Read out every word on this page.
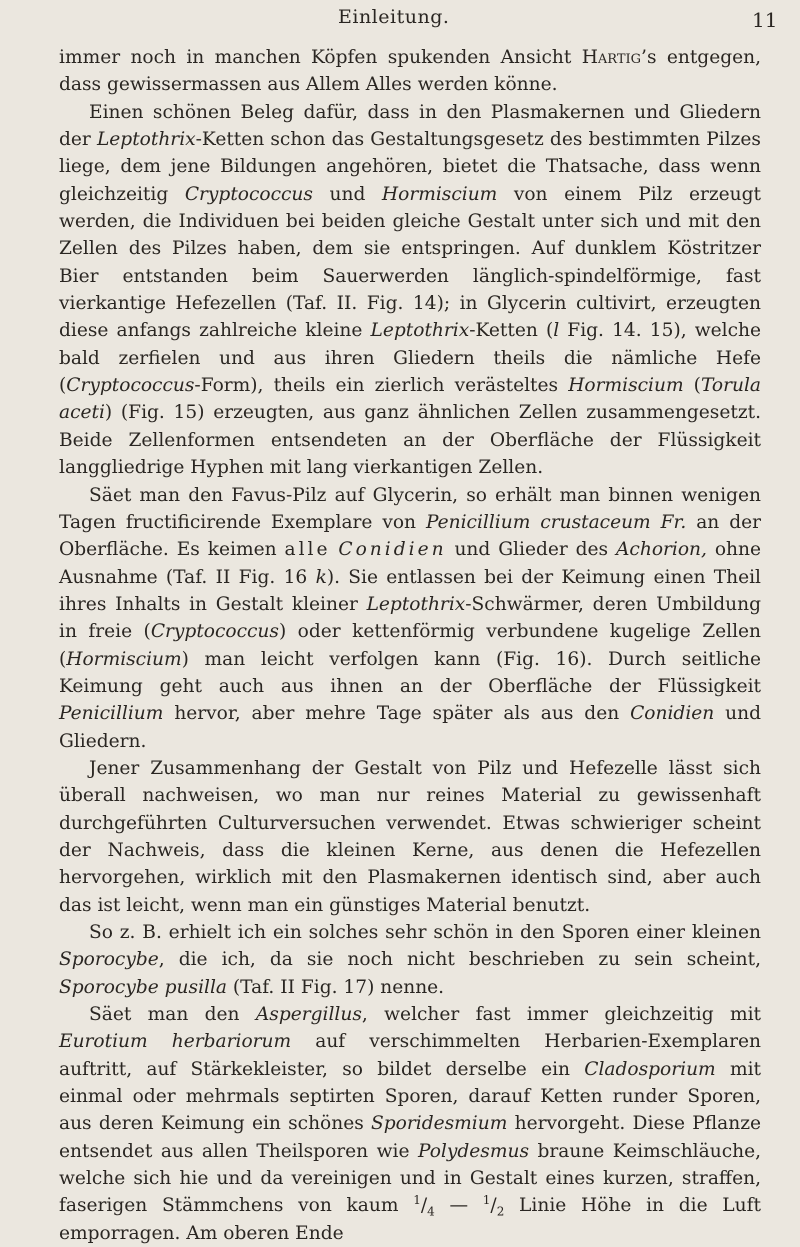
Einleitung.	11

immer noch in manchen Köpfen spukenden Ansicht Hartig’s entgegen, dass gewissermassen aus Allem Alles werden könne.

Einen schönen Beleg dafür, dass in den Plasmakernen und Gliedern der Leptothrix-Ketten schon das Gestaltungsgesetz des bestimmten Pilzes liege, dem jene Bildungen angehören, bietet die Thatsache, dass wenn gleichzeitig Cryptococcus und Hormiscium von einem Pilz erzeugt werden, die Individuen bei beiden gleiche Gestalt unter sich und mit den Zellen des Pilzes haben, dem sie entspringen. Auf dunklem Köstritzer Bier entstanden beim Sauerwerden länglich-spindelförmige, fast vierkantige Hefezellen (Taf. II. Fig. 14); in Glycerin cultivirt, erzeugten diese anfangs zahlreiche kleine Leptothrix-Ketten (l Fig. 14. 15), welche bald zerfielen und aus ihren Gliedern theils die nämliche Hefe (Cryptococcus-Form), theils ein zierlich verästeltes Hormiscium (Torula aceti) (Fig. 15) erzeugten, aus ganz ähnlichen Zellen zusammengesetzt. Beide Zellenformen entsendeten an der Oberfläche der Flüssigkeit langgliedrige Hyphen mit lang vierkantigen Zellen.

Säet man den Favus-Pilz auf Glycerin, so erhält man binnen wenigen Tagen fructificirende Exemplare von Penicillium crustaceum Fr. an der Oberfläche. Es keimen alle Conidien und Glieder des Achorion, ohne Ausnahme (Taf. II Fig. 16 k). Sie entlassen bei der Keimung einen Theil ihres Inhalts in Gestalt kleiner Leptothrix-Schwärmer, deren Umbildung in freie (Cryptococcus) oder kettenförmig verbundene kugelige Zellen (Hormiscium) man leicht verfolgen kann (Fig. 16). Durch seitliche Keimung geht auch aus ihnen an der Oberfläche der Flüssigkeit Penicillium hervor, aber mehre Tage später als aus den Conidien und Gliedern.

Jener Zusammenhang der Gestalt von Pilz und Hefezelle lässt sich überall nachweisen, wo man nur reines Material zu gewissenhaft durchgeführten Culturversuchen verwendet. Etwas schwieriger scheint der Nachweis, dass die kleinen Kerne, aus denen die Hefezellen hervorgehen, wirklich mit den Plasmakernen identisch sind, aber auch das ist leicht, wenn man ein günstiges Material benutzt.

So z. B. erhielt ich ein solches sehr schön in den Sporen einer kleinen Sporocybe, die ich, da sie noch nicht beschrieben zu sein scheint, Sporocybe pusilla (Taf. II Fig. 17) nenne.

Säet man den Aspergillus, welcher fast immer gleichzeitig mit Eurotium herbariorum auf verschimmelten Herbarien-Exemplaren auftritt, auf Stärkekleister, so bildet derselbe ein Cladosporium mit einmal oder mehrmals septirten Sporen, darauf Ketten runder Sporen, aus deren Keimung ein schönes Sporidesmium hervorgeht. Diese Pflanze entsendet aus allen Theilsporen wie Polydesmus braune Keimschläuche, welche sich hie und da vereinigen und in Gestalt eines kurzen, straffen, faserigen Stämmchens von kaum $^1/_4$ — $^1/_2$ Linie Höhe in die Luft emporragen. Am oberen Ende
